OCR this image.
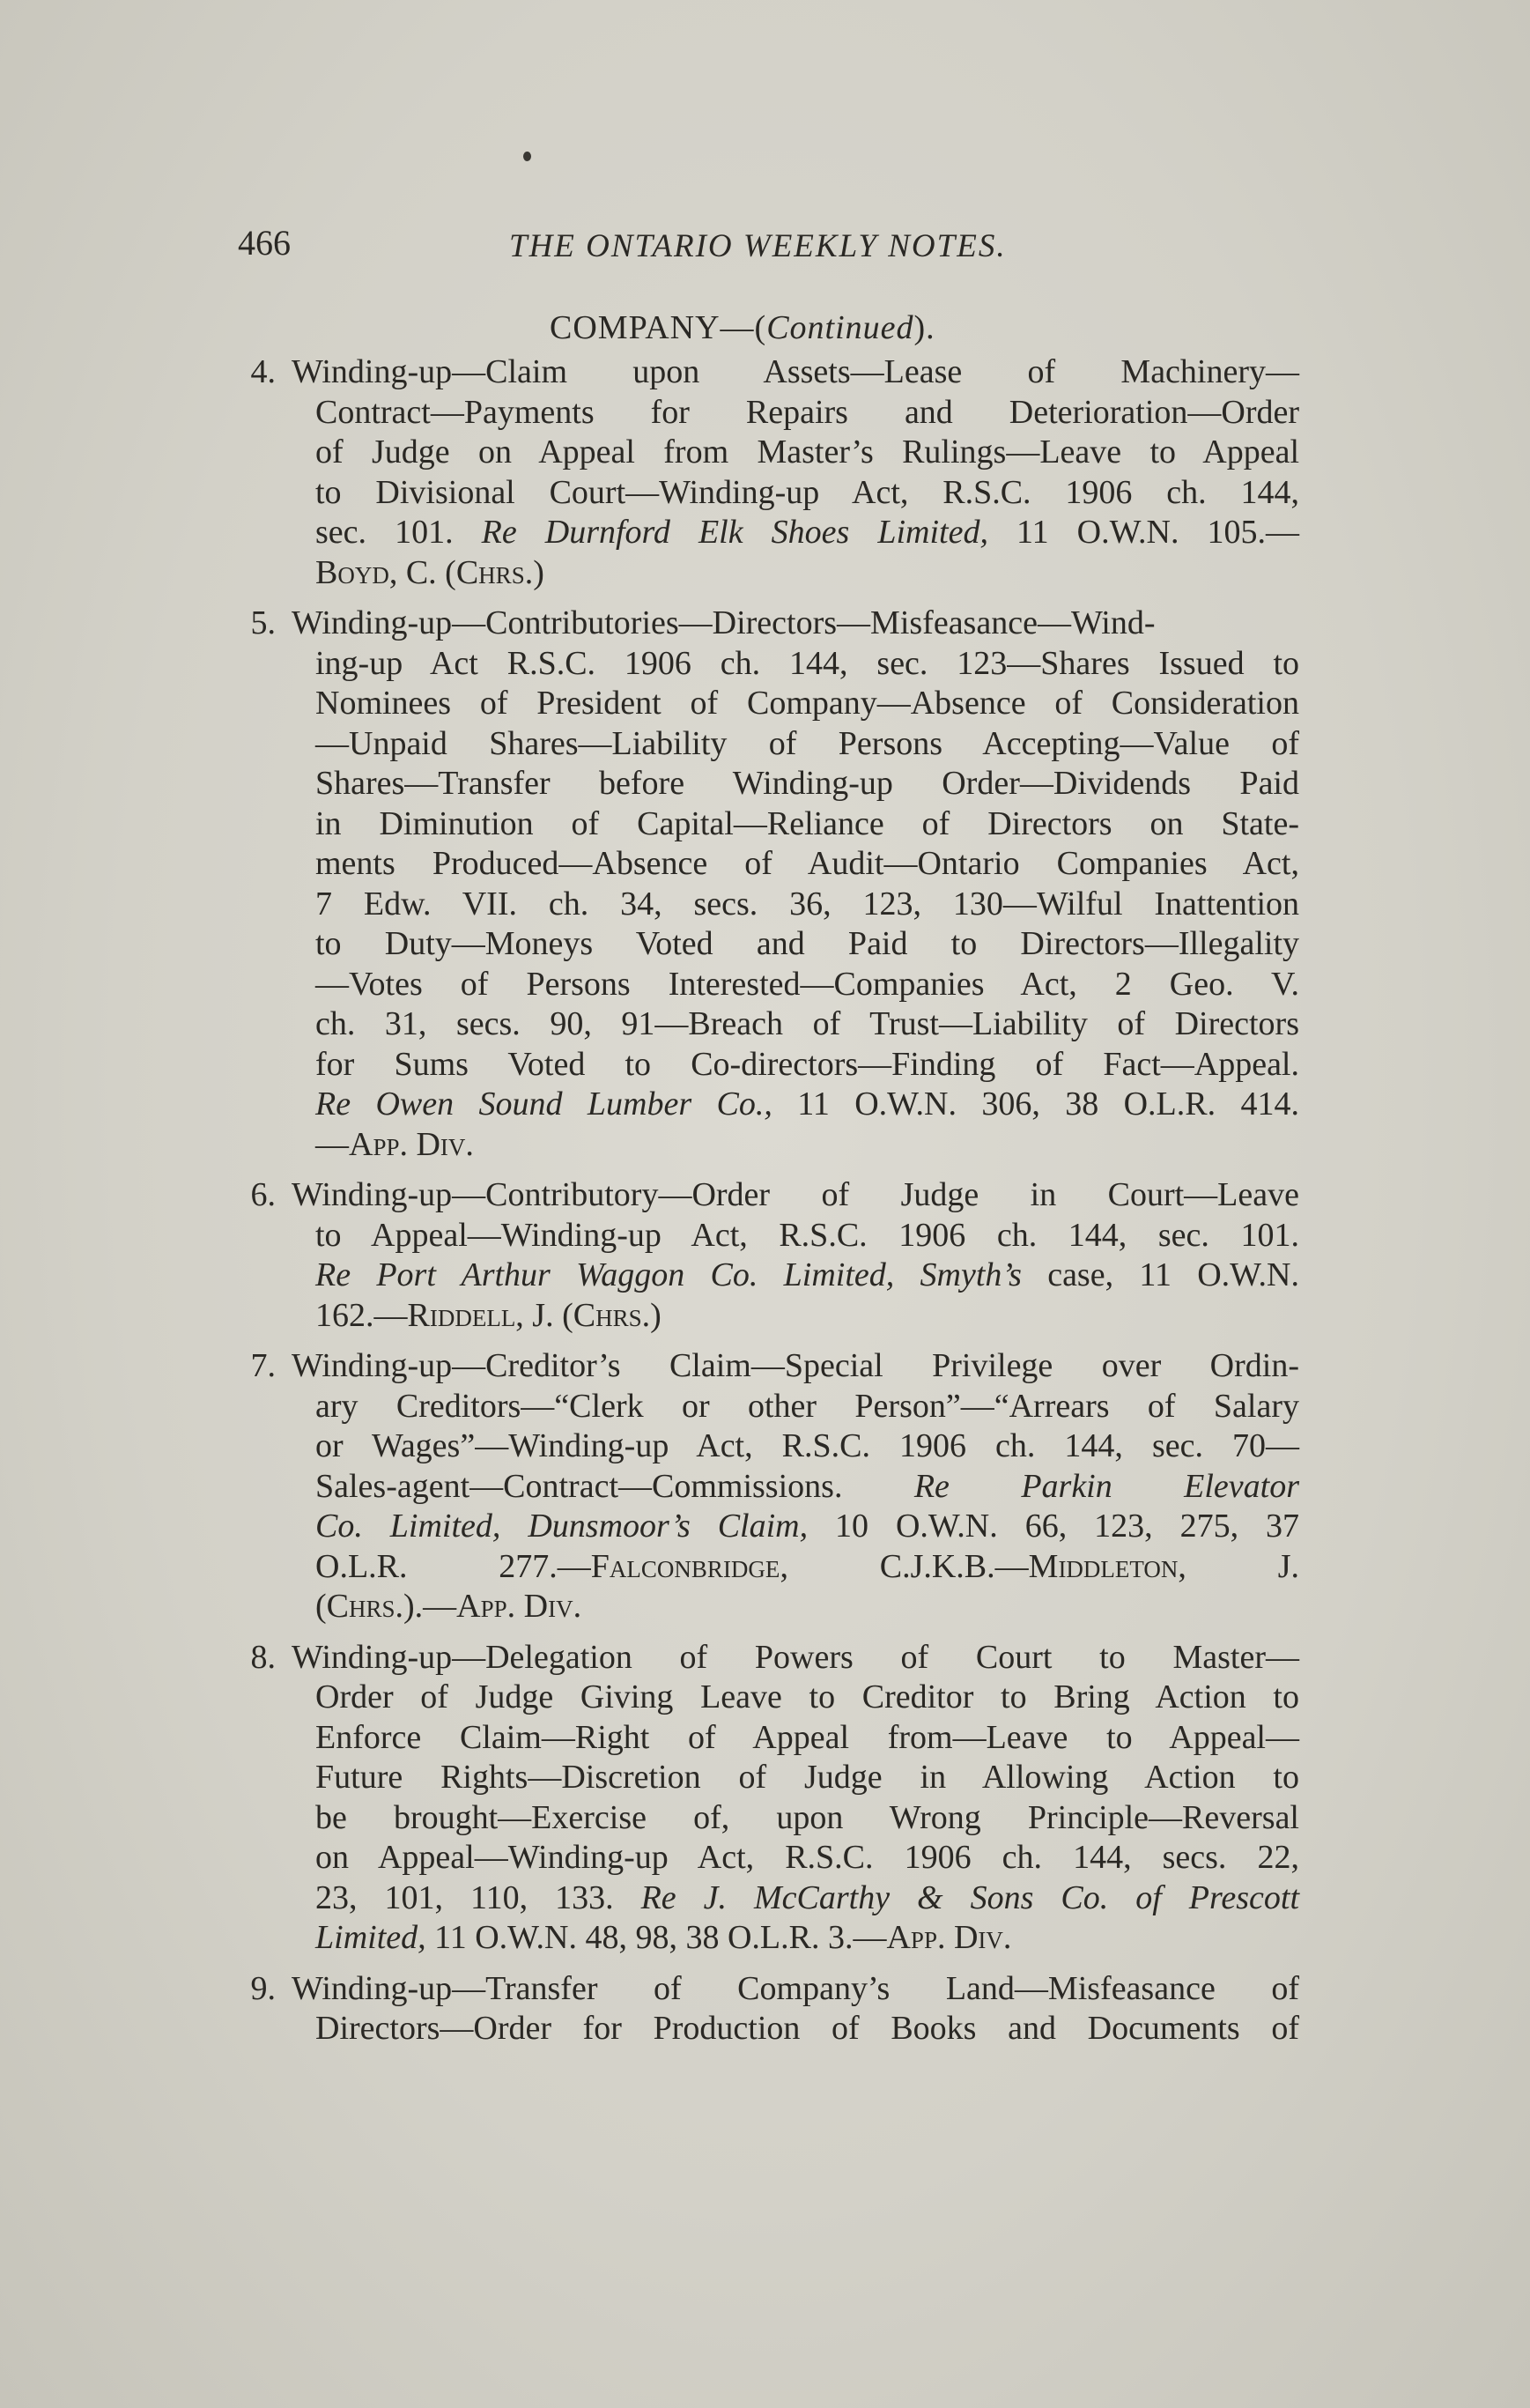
466	THE ONTARIO WEEKLY NOTES.
COMPANY—(Continued).
4. Winding-up—Claim upon Assets—Lease of Machinery—
Contract—Payments for Repairs and Deterioration—Order
of Judge on Appeal from Master’s Rulings—Leave to Appeal
to Divisional Court—Winding-up Act, R.S.C. 1906 ch. 144,
sec. 101. Re Durnford Elk Shoes Limited, 11 O.W.N. 105.—
Boyd, C. (Chrs.)
5. Winding-up—Contributories—Directors—Misfeasance—Wind-
ing-up Act R.S.C. 1906 ch. 144, sec. 123—Shares Issued to
Nominees of President of Company—Absence of Consideration
—Unpaid Shares—Liability of Persons Accepting—Value of
Shares—Transfer before Winding-up Order—Dividends Paid
in Diminution of Capital—Reliance of Directors on State-
ments Produced—Absence of Audit—Ontario Companies Act,
7 Edw. VII. ch. 34, secs. 36, 123, 130—Wilful Inattention
to Duty—Moneys Voted and Paid to Directors—Illegality
—Votes of Persons Interested—Companies Act, 2 Geo. V.
ch. 31, secs. 90, 91—Breach of Trust—Liability of Directors
for Sums Voted to Co-directors—Finding of Fact—Appeal.
Re Owen Sound Lumber Co., 11 O.W.N. 306, 38 O.L.R. 414.
—App. Div.
6. Winding-up—Contributory—Order of Judge in Court—Leave
to Appeal—Winding-up Act, R.S.C. 1906 ch. 144, sec. 101.
Re Port Arthur Waggon Co. Limited, Smyth’s case, 11 O.W.N.
162.—Riddell, J. (Chrs.)
7. Winding-up—Creditor’s Claim—Special Privilege over Ordin-
ary Creditors—“Clerk or other Person”—“Arrears of Salary
or Wages”—Winding-up Act, R.S.C. 1906 ch. 144, sec. 70—
Sales-agent—Contract—Commissions. Re Parkin Elevator
Co. Limited, Dunsmoor’s Claim, 10 O.W.N. 66, 123, 275, 37
O.L.R. 277.—Falconbridge, C.J.K.B.—Middleton, J.
(Chrs.).—App. Div.
8. Winding-up—Delegation of Powers of Court to Master—
Order of Judge Giving Leave to Creditor to Bring Action to
Enforce Claim—Right of Appeal from—Leave to Appeal—
Future Rights—Discretion of Judge in Allowing Action to
be brought—Exercise of, upon Wrong Principle—Reversal
on Appeal—Winding-up Act, R.S.C. 1906 ch. 144, secs. 22,
23, 101, 110, 133. Re J. McCarthy & Sons Co. of Prescott
Limited, 11 O.W.N. 48, 98, 38 O.L.R. 3.—App. Div.
9. Winding-up—Transfer of Company’s Land—Misfeasance of
Directors—Order for Production of Books and Documents of
